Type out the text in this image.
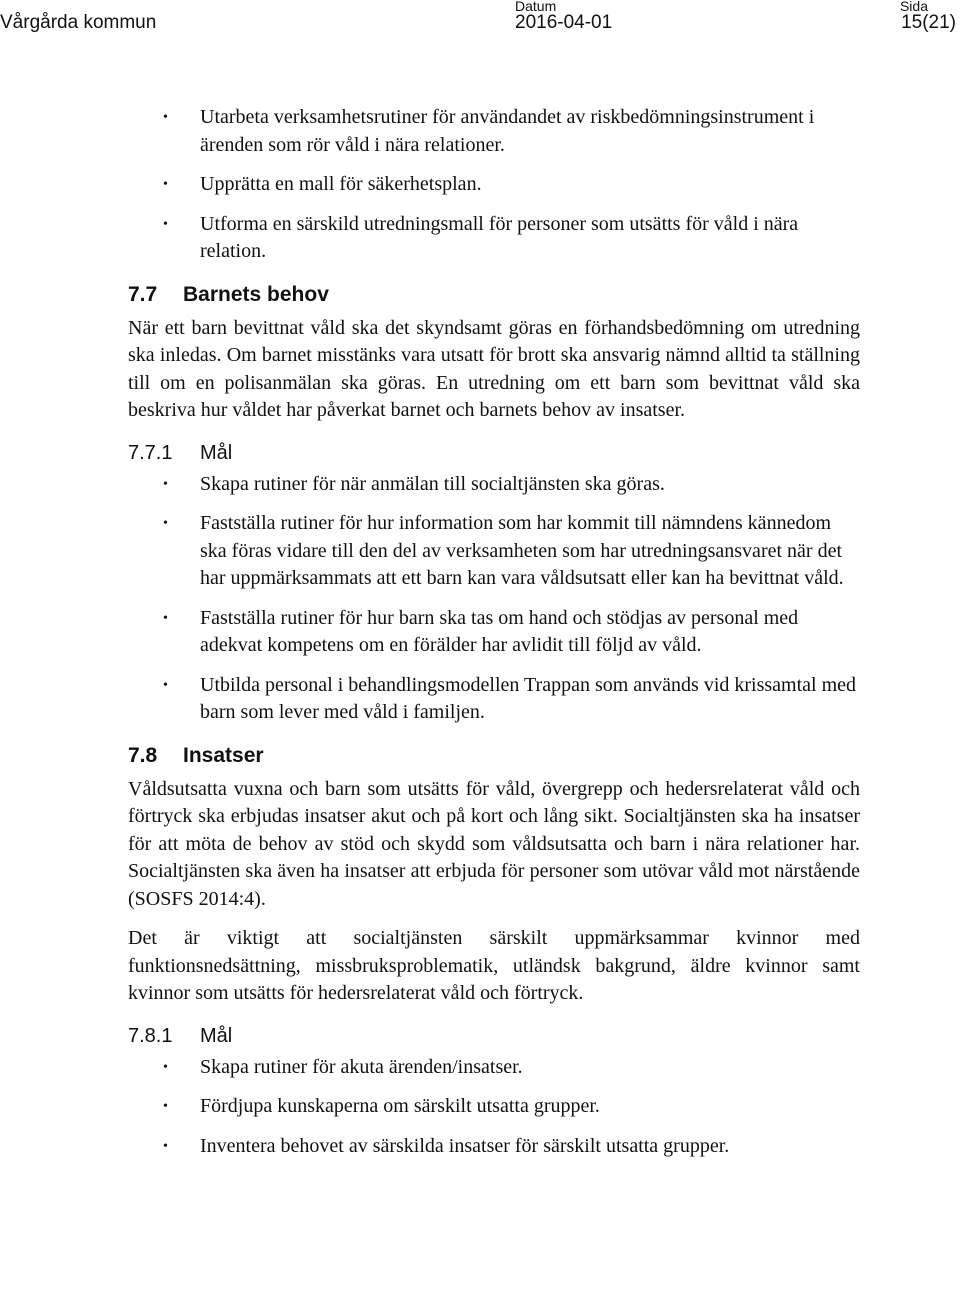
Vårgårda kommun
Datum
2016-04-01
Sida
15(21)
• Utarbeta verksamhetsrutiner för användandet av riskbedömningsinstrument i ärenden som rör våld i nära relationer.
• Upprätta en mall för säkerhetsplan.
• Utforma en särskild utredningsmall för personer som utsätts för våld i nära relation.
7.7	Barnets behov

När ett barn bevittnat våld ska det skyndsamt göras en förhandsbedömning om utredning ska inledas. Om barnet misstänks vara utsatt för brott ska ansvarig nämnd alltid ta ställning till om en polisanmälan ska göras. En utredning om ett barn som bevittnat våld ska beskriva hur våldet har påverkat barnet och barnets behov av insatser.

7.7.1	Mål
• Skapa rutiner för när anmälan till socialtjänsten ska göras.
• Fastställa rutiner för hur information som har kommit till nämndens kännedom ska föras vidare till den del av verksamheten som har utredningsansvaret när det har uppmärksammats att ett barn kan vara våldsutsatt eller kan ha bevittnat våld.
• Fastställa rutiner för hur barn ska tas om hand och stödjas av personal med adekvat kompetens om en förälder har avlidit till följd av våld.
• Utbilda personal i behandlingsmodellen Trappan som används vid krissamtal med barn som lever med våld i familjen.
7.8	Insatser

Våldsutsatta vuxna och barn som utsätts för våld, övergrepp och hedersrelaterat våld och förtryck ska erbjudas insatser akut och på kort och lång sikt. Socialtjänsten ska ha insatser för att möta de behov av stöd och skydd som våldsutsatta och barn i nära relationer har. Socialtjänsten ska även ha insatser att erbjuda för personer som utövar våld mot närstående (SOSFS 2014:4).

Det är viktigt att socialtjänsten särskilt uppmärksammar kvinnor med funktionsnedsättning, missbruksproblematik, utländsk bakgrund, äldre kvinnor samt kvinnor som utsätts för hedersrelaterat våld och förtryck.

7.8.1	Mål
• Skapa rutiner för akuta ärenden/insatser.
• Fördjupa kunskaperna om särskilt utsatta grupper.
• Inventera behovet av särskilda insatser för särskilt utsatta grupper.
